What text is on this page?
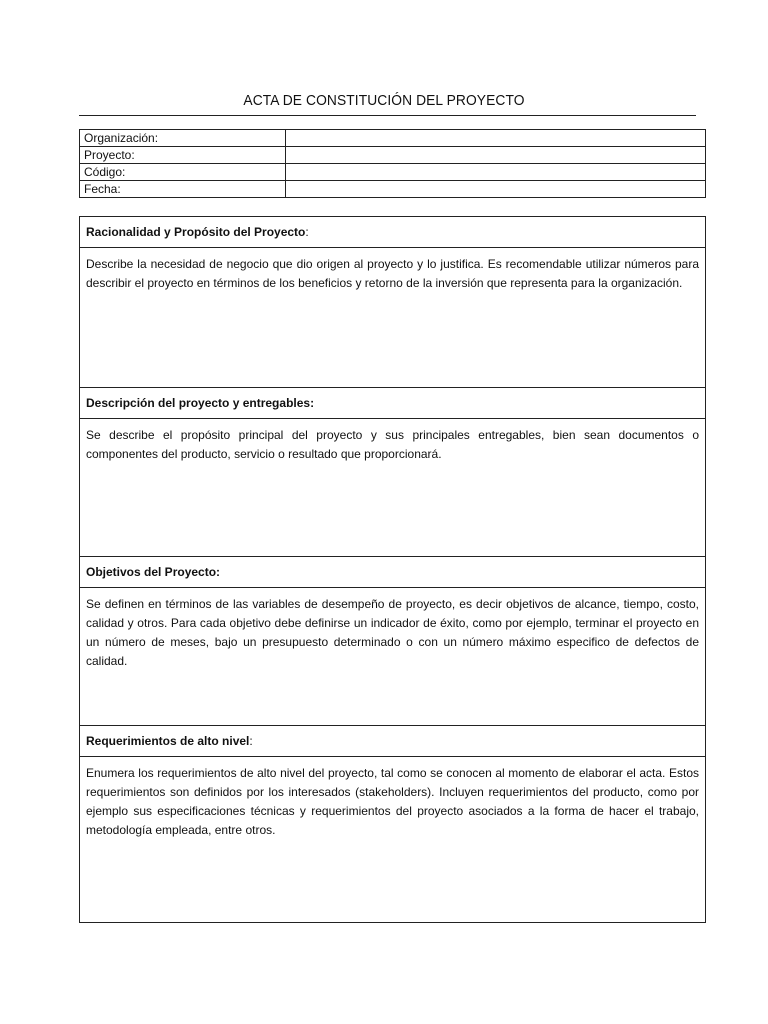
ACTA DE CONSTITUCIÓN DEL PROYECTO
Organización:	
Proyecto:	
Código:	
Fecha:	
Racionalidad y Propósito del Proyecto:
Describe la necesidad de negocio que dio origen al proyecto y lo justifica. Es recomendable utilizar números para describir el proyecto en términos de los beneficios y retorno de la inversión que representa para la organización.
Descripción del proyecto y entregables:
Se describe el propósito principal del proyecto y sus principales entregables, bien sean documentos o componentes del producto, servicio o resultado que proporcionará.
Objetivos del Proyecto:
Se definen en términos de las variables de desempeño de proyecto, es decir objetivos de alcance, tiempo, costo, calidad y otros. Para cada objetivo debe definirse un indicador de éxito, como por ejemplo, terminar el proyecto en un número de meses, bajo un presupuesto determinado o con un número máximo especifico de defectos de calidad.
Requerimientos de alto nivel:
Enumera los requerimientos de alto nivel del proyecto, tal como se conocen al momento de elaborar el acta. Estos requerimientos son definidos por los interesados (stakeholders). Incluyen requerimientos del producto, como por ejemplo sus especificaciones técnicas y requerimientos del proyecto asociados a la forma de hacer el trabajo, metodología empleada, entre otros.
